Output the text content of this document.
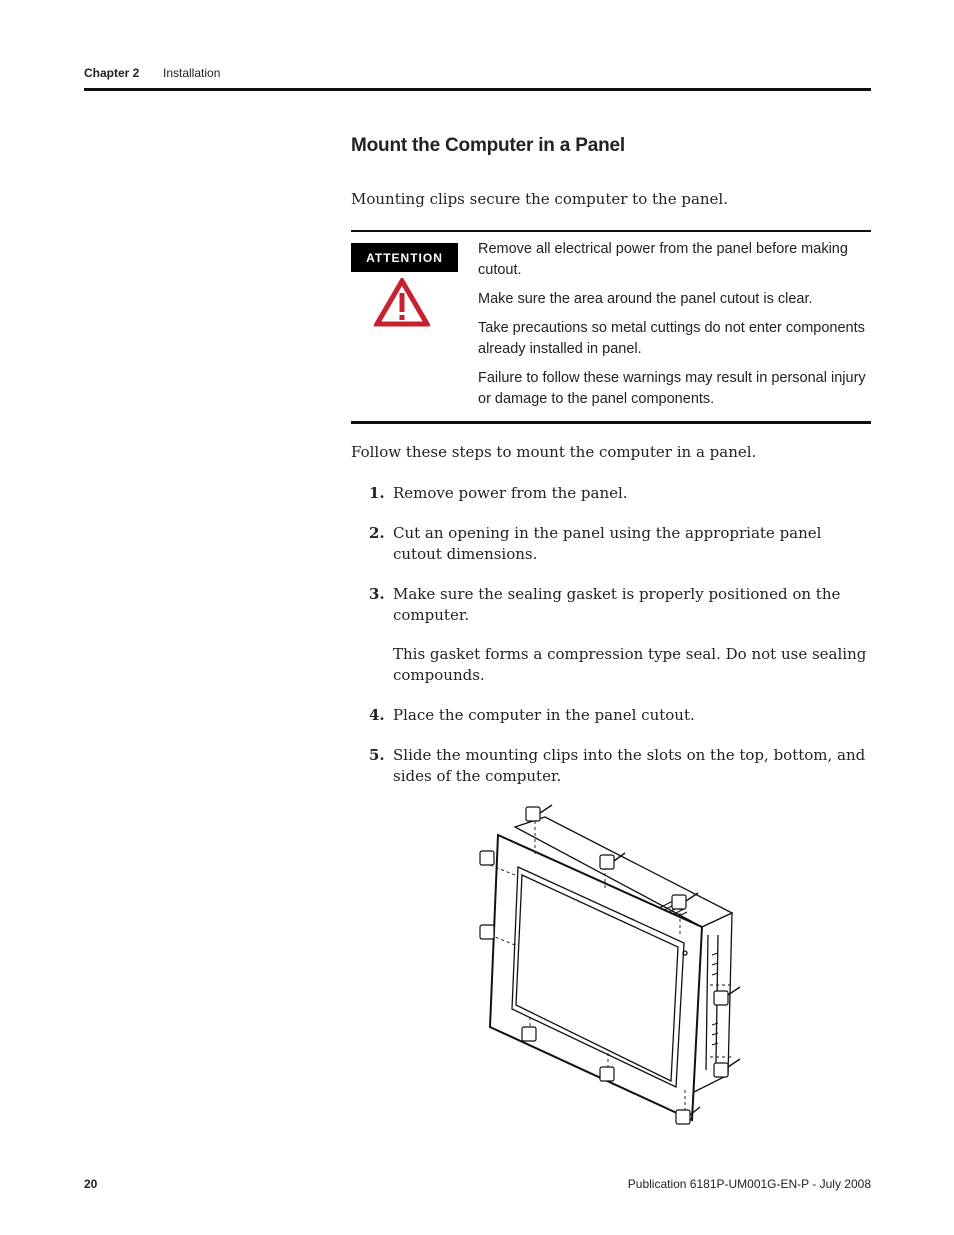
Chapter 2 Installation
Mount the Computer in a Panel
Mounting clips secure the computer to the panel.
ATTENTION

Remove all electrical power from the panel before making cutout.

Make sure the area around the panel cutout is clear.

Take precautions so metal cuttings do not enter components already installed in panel.

Failure to follow these warnings may result in personal injury or damage to the panel components.

Follow these steps to mount the computer in a panel.
1. Remove power from the panel.
2. Cut an opening in the panel using the appropriate panel cutout dimensions.
3. Make sure the sealing gasket is properly positioned on the computer.
This gasket forms a compression type seal. Do not use sealing compounds.
4. Place the computer in the panel cutout.
5. Slide the mounting clips into the slots on the top, bottom, and sides of the computer.
20	Publication 6181P-UM001G-EN-P - July 2008
